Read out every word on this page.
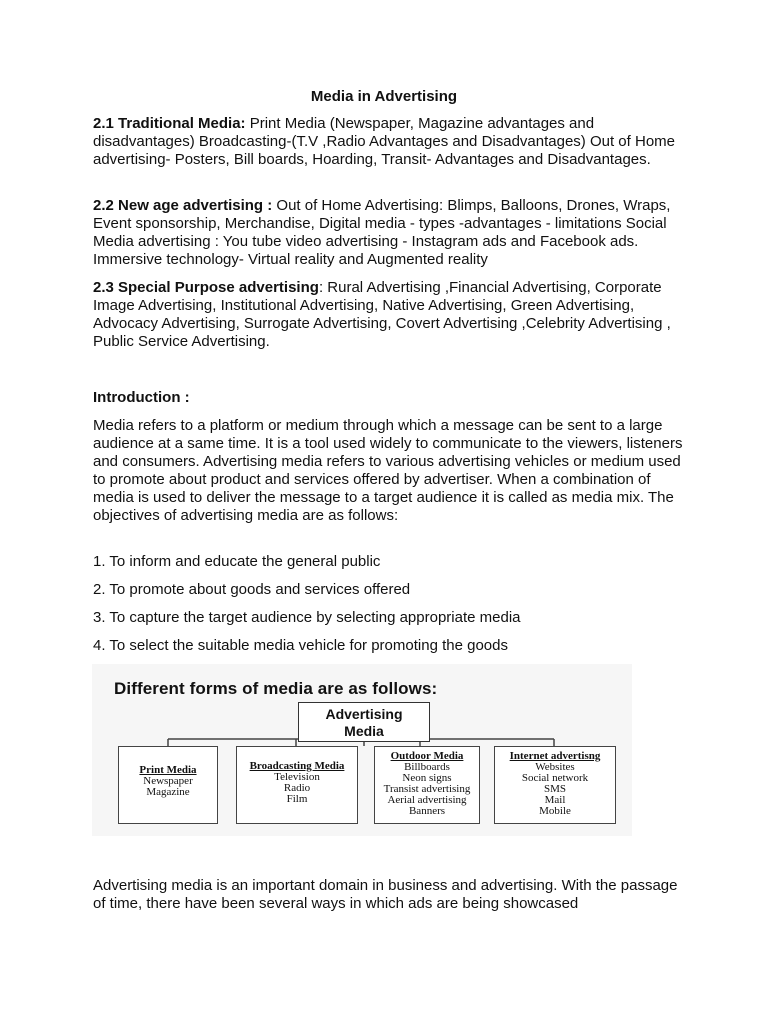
Media in Advertising

2.1 Traditional Media: Print Media (Newspaper, Magazine advantages and disadvantages) Broadcasting-(T.V ,Radio Advantages and Disadvantages) Out of Home advertising- Posters, Bill boards, Hoarding, Transit- Advantages and Disadvantages.

2.2 New age advertising : Out of Home Advertising: Blimps, Balloons, Drones, Wraps, Event sponsorship, Merchandise, Digital media - types -advantages - limitations Social Media advertising : You tube video advertising - Instagram ads and Facebook ads. Immersive technology- Virtual reality and Augmented reality

2.3 Special Purpose advertising: Rural Advertising ,Financial Advertising, Corporate Image Advertising, Institutional Advertising, Native Advertising, Green Advertising, Advocacy Advertising, Surrogate Advertising, Covert Advertising ,Celebrity Advertising , Public Service Advertising.

Introduction :

Media refers to a platform or medium through which a message can be sent to a large audience at a same time. It is a tool used widely to communicate to the viewers, listeners and consumers. Advertising media refers to various advertising vehicles or medium used to promote about product and services offered by advertiser. When a combination of media is used to deliver the message to a target audience it is called as media mix. The objectives of advertising media are as follows:

1. To inform and educate the general public

2. To promote about goods and services offered

3. To capture the target audience by selecting appropriate media

4. To select the suitable media vehicle for promoting the goods

Different forms of media are as follows:
Advertising
Media
Print Media
Newspaper
Magazine
Broadcasting Media
Television
Radio
Film
Outdoor Media
Billboards
Neon signs
Transist advertising
Aerial advertising
Banners
Internet advertisng
Websites
Social network
SMS
Mail
Mobile

Advertising media is an important domain in business and advertising. With the passage of time, there have been several ways in which ads are being showcased
